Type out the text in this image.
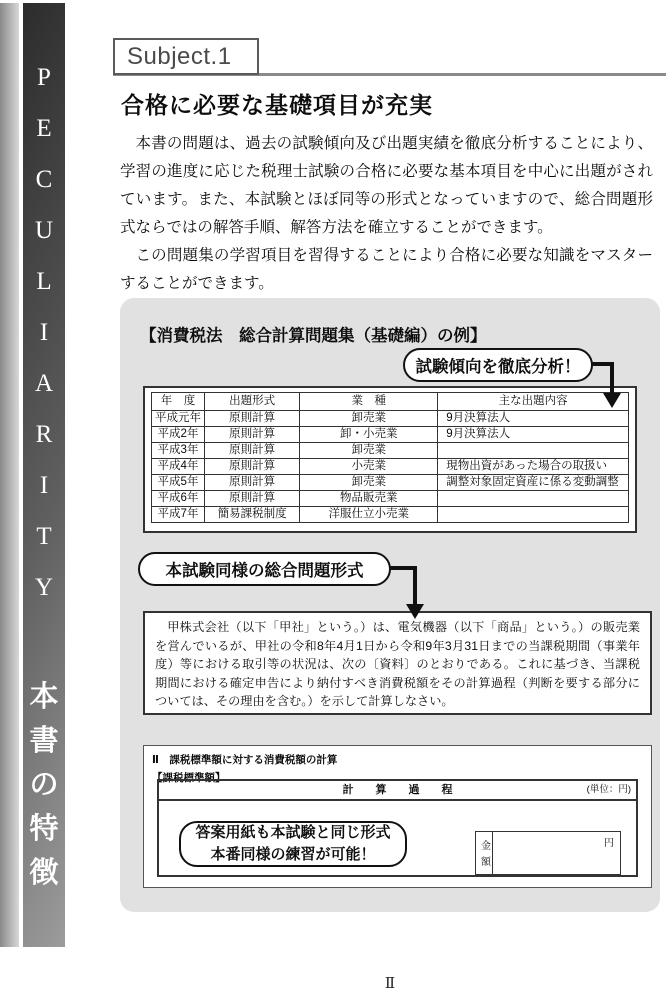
P
E
C
U
L
I
A
R
I
T
Y
本
書
の
特
徴
Subject.1
合格に必要な基礎項目が充実

本書の問題は、過去の試験傾向及び出題実績を徹底分析することにより、学習の進度に応じた税理士試験の合格に必要な基本項目を中心に出題がされています。また、本試験とほぼ同等の形式となっていますので、総合問題形式ならではの解答手順、解答方法を確立することができます。

この問題集の学習項目を習得することにより合格に必要な知識をマスターすることができます。

【消費税法　総合計算問題集（基礎編）の例】
試験傾向を徹底分析！
年　度	出題形式	業　種	主な出題内容
平成元年	原則計算	卸売業	9月決算法人
平成2年	原則計算	卸・小売業	9月決算法人
平成3年	原則計算	卸売業	
平成4年	原則計算	小売業	現物出資があった場合の取扱い
平成5年	原則計算	卸売業	調整対象固定資産に係る変動調整
平成6年	原則計算	物品販売業	
平成7年	簡易課税制度	洋服仕立小売業	
本試験同様の総合問題形式

甲株式会社（以下「甲社」という。）は、電気機器（以下「商品」という。）の販売業を営んでいるが、甲社の令和8年4月1日から令和9年3月31日までの当課税期間（事業年度）等における取引等の状況は、次の〔資料〕のとおりである。これに基づき、当課税期間における確定申告により納付すべき消費税額をその計算過程（判断を要する部分については、その理由を含む。）を示して計算しなさい。

Ⅱ　課税標準額に対する消費税額の計算
【課税標準額】
計　　算　　過　　程	(単位：円)
答案用紙も本試験と同じ形式
本番同様の練習が可能！	金額	円
Ⅱ
